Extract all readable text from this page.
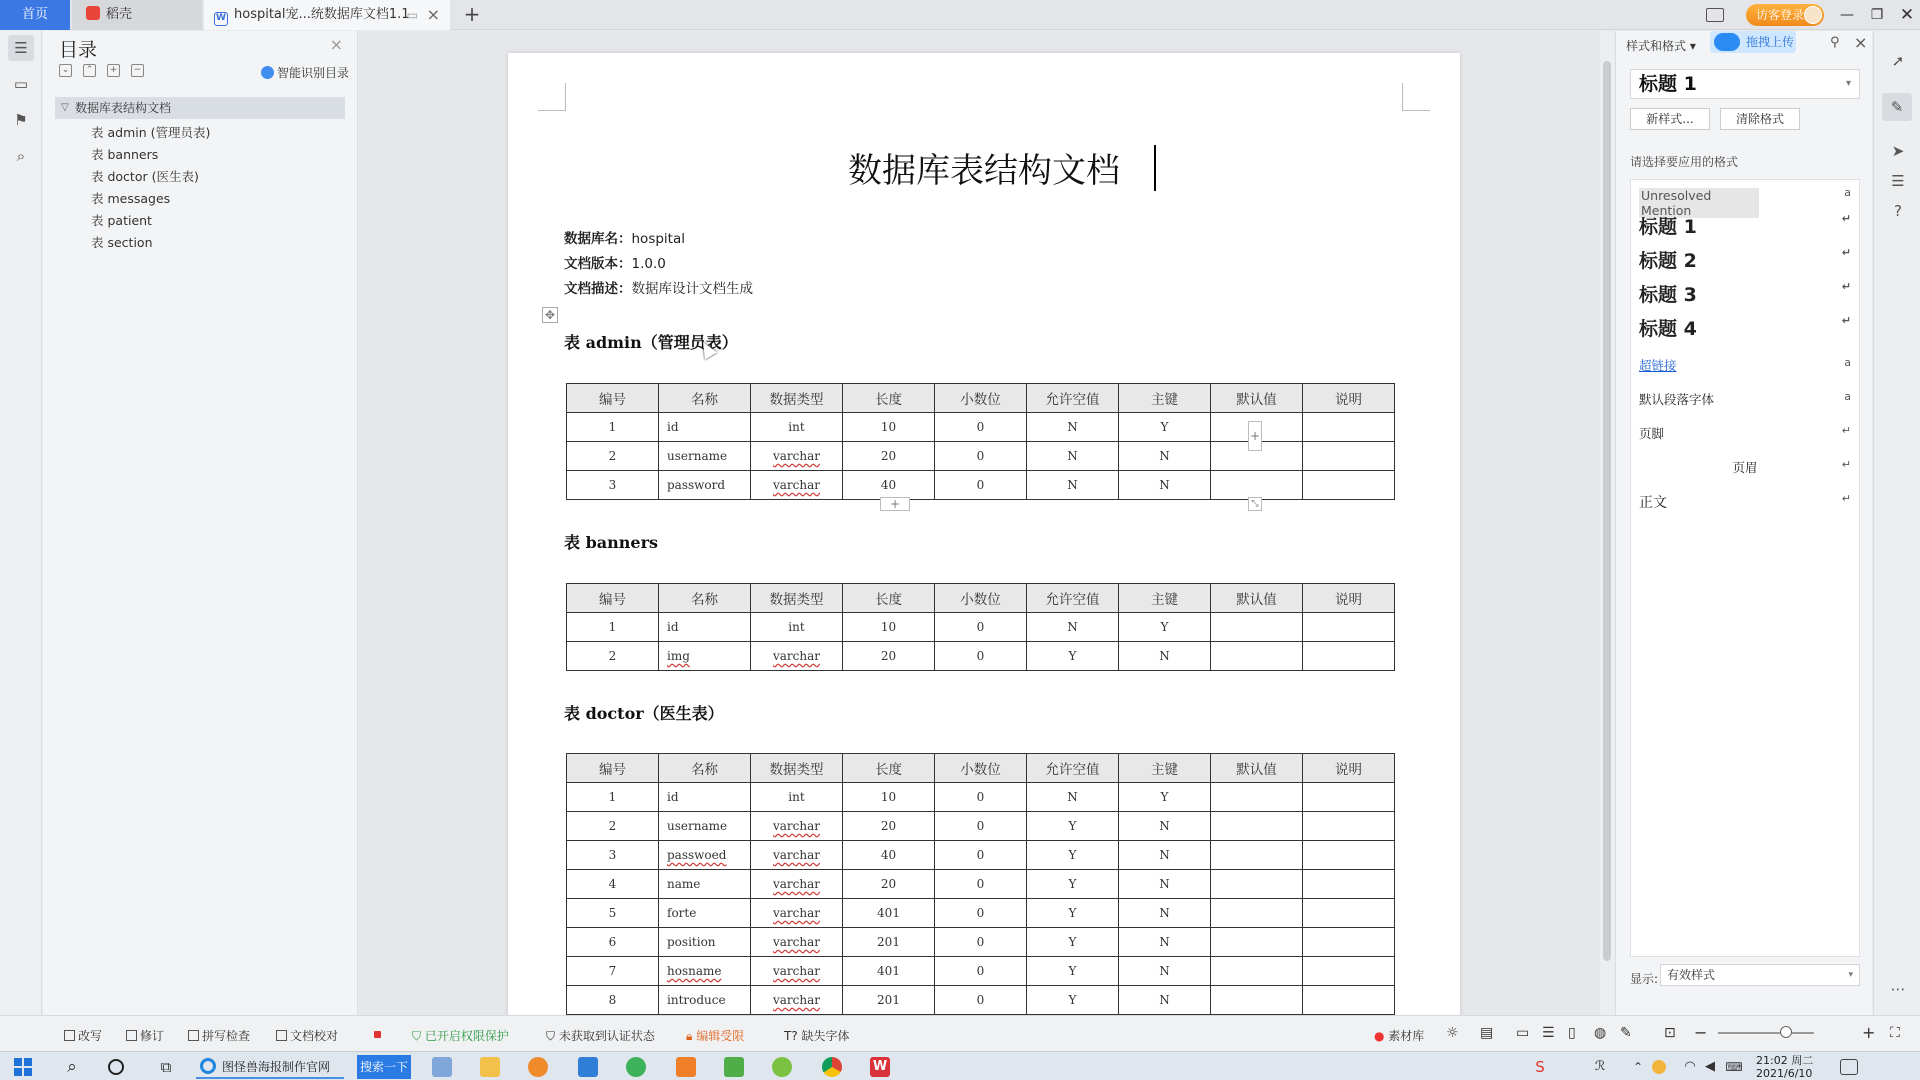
首页	稻壳	W hospital宠...统数据库文档1.1
▭ × +	访客登录	—	❐ ✕
☰
▭
⚑
⌕
目录	×
⌄	⌃	+	−	智能识别目录
▽ 数据库表结构文档
表 admin (管理员表)
表 banners
表 doctor (医生表)
表 messages
表 patient
表 section
数据库表结构文档
数据库名：hospital
文档版本：1.0.0
文档描述：数据库设计文档生成
表 admin（管理员表）
✥
编号	名称	数据类型	长度	小数位	允许空值	主键	默认值	说明
1	id	int	10	0	N	Y		
2	username	varchar	20	0	N	N		
3	password	varchar	40	0	N	N		
+
+	⤡
表 banners
编号	名称	数据类型	长度	小数位	允许空值	主键	默认值	说明
1	id	int	10	0	N	Y		
2	img	varchar	20	0	Y	N		
表 doctor（医生表）
编号	名称	数据类型	长度	小数位	允许空值	主键	默认值	说明
1	id	int	10	0	N	Y		
2	username	varchar	20	0	Y	N		
3	passwoed	varchar	40	0	Y	N		
4	name	varchar	20	0	Y	N		
5	forte	varchar	401	0	Y	N		
6	position	varchar	201	0	Y	N		
7	hosname	varchar	401	0	Y	N		
8	introduce	varchar	201	0	Y	N		
样式和格式 ▾	拖拽上传	⚲ ×
标题 1	▾
新样式...	清除格式
请选择要应用的格式
Unresolved Mention
a
标题 1	↵
标题 2	↵
标题 3	↵
标题 4	↵
超链接	a
默认段落字体	a
页脚	↵
页眉	↵
正文	↵
显示: 有效样式	▾
➚
✎
➤
☰
?
⋯
改写	修订	拼写检查	文档校对	⛉ 已开启权限保护	⛉ 未获取到认证状态	🔒︎ 编辑受限	T? 缺失字体	● 素材库 ☼ ▤ ▭ ☰ ▯ ◍ ✎ ⊡ −	+ ⛶
⌕	⧉	图怪兽海报制作官网	搜索一下	W	S	ℛ	⌃	◠ ◀ ⌨ 21:02 周二
2021/6/10
